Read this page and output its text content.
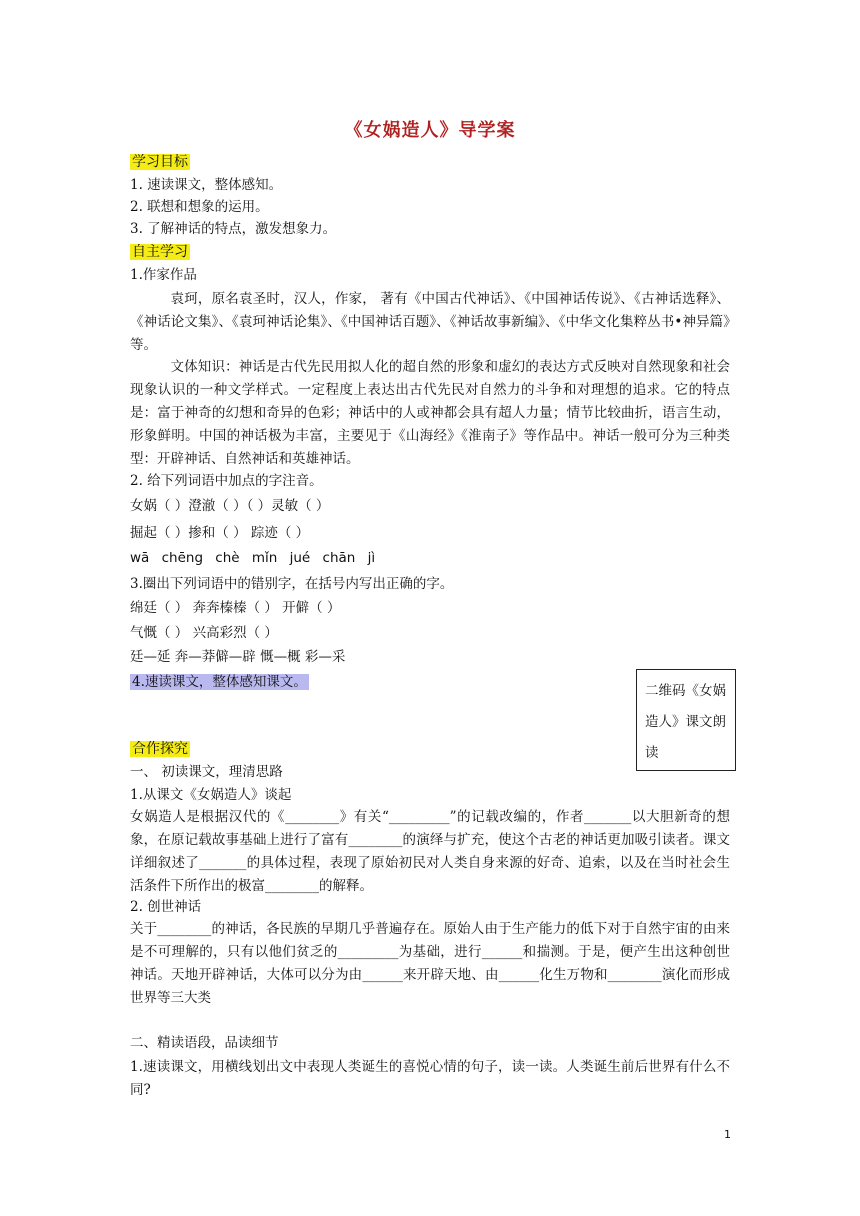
《女娲造人》导学案
学习目标
1. 速读课文，整体感知。
2. 联想和想象的运用。
3. 了解神话的特点，激发想象力。
自主学习
1.作家作品
袁珂，原名袁圣时，汉人，作家， 著有《中国古代神话》、《中国神话传说》、《古神话选释》、《神话论文集》、《袁珂神话论集》、《中国神话百题》、《神话故事新编》、《中华文化集粹丛书•神异篇》等。
文体知识：神话是古代先民用拟人化的超自然的形象和虚幻的表达方式反映对自然现象和社会现象认识的一种文学样式。一定程度上表达出古代先民对自然力的斗争和对理想的追求。它的特点是：富于神奇的幻想和奇异的色彩；神话中的人或神都会具有超人力量；情节比较曲折，语言生动，形象鲜明。中国的神话极为丰富，主要见于《山海经》《淮南子》等作品中。神话一般可分为三种类型：开辟神话、自然神话和英雄神话。
2. 给下列词语中加点的字注音。
女娲（ ）澄澈（ ）（ ）灵敏（ ）
掘起（ ）掺和（ ） 踪迹（ ）
wā chēng chè mǐn jué chān jì
3.圈出下列词语中的错别字，在括号内写出正确的字。
绵廷（ ） 奔奔榛榛（ ） 开僻（ ）
气慨（ ） 兴高彩烈（ ）
廷—延 奔—莽僻—辟 慨—概 彩—采
4.速读课文，整体感知课文。
二维码《女娲造人》课文朗读
合作探究
一、 初读课文，理清思路
1.从课文《女娲造人》谈起
女娲造人是根据汉代的《________》有关“_________”的记载改编的，作者_______以大胆新奇的想象，在原记载故事基础上进行了富有________的演绎与扩充，使这个古老的神话更加吸引读者。课文详细叙述了_______的具体过程，表现了原始初民对人类自身来源的好奇、追索，以及在当时社会生活条件下所作出的极富________的解释。
2. 创世神话
关于________的神话，各民族的早期几乎普遍存在。原始人由于生产能力的低下对于自然宇宙的由来是不可理解的，只有以他们贫乏的_________为基础，进行______和揣测。于是，便产生出这种创世神话。天地开辟神话，大体可以分为由______来开辟天地、由______化生万物和________演化而形成世界等三大类
二、精读语段，品读细节
1.速读课文，用横线划出文中表现人类诞生的喜悦心情的句子，读一读。人类诞生前后世界有什么不同?
1
